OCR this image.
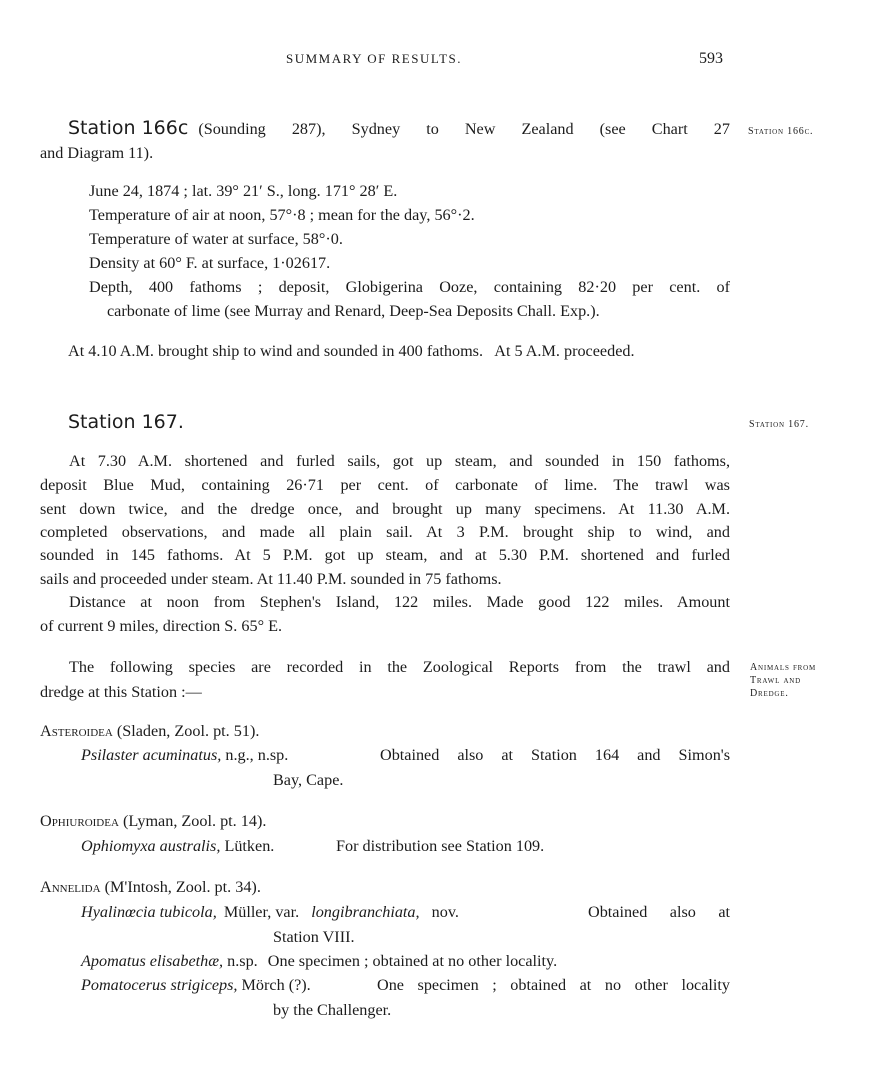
SUMMARY OF RESULTS.	593
Station 166c (Sounding 287), Sydney to New Zealand (see Chart 27
and Diagram 11).
Station 166c.
June 24, 1874 ; lat. 39° 21′ S., long. 171° 28′ E.
Temperature of air at noon, 57°·8 ; mean for the day, 56°·2.
Temperature of water at surface, 58°·0.
Density at 60° F. at surface, 1·02617.
Depth, 400 fathoms ; deposit, Globigerina Ooze, containing 82·20 per cent. of
carbonate of lime (see Murray and Renard, Deep-Sea Deposits Chall. Exp.).
At 4.10 A.M. brought ship to wind and sounded in 400 fathoms.   At 5 A.M. proceeded.
Station 167.	Station 167.
At 7.30 A.M. shortened and furled sails, got up steam, and sounded in 150 fathoms,
deposit Blue Mud, containing 26·71 per cent. of carbonate of lime. The trawl was
sent down twice, and the dredge once, and brought up many specimens. At 11.30 A.M.
completed observations, and made all plain sail. At 3 P.M. brought ship to wind, and
sounded in 145 fathoms. At 5 P.M. got up steam, and at 5.30 P.M. shortened and furled
sails and proceeded under steam. At 11.40 P.M. sounded in 75 fathoms.
Distance at noon from Stephen's Island, 122 miles. Made good 122 miles. Amount
of current 9 miles, direction S. 65° E.
The following species are recorded in the Zoological Reports from the trawl and
dredge at this Station :—
Animals from
Trawl and
Dredge.
Asteroidea (Sladen, Zool. pt. 51).
Psilaster acuminatus, n.g., n.sp.	Obtained also at Station 164 and Simon's
Bay, Cape.
Ophiuroidea (Lyman, Zool. pt. 14).
Ophiomyxa australis, Lütken.	For distribution see Station 109.
Annelida (M'Intosh, Zool. pt. 34).
Hyalinœcia tubicola, Müller, var. longibranchiata, nov.	Obtained also at
Station VIII.
Apomatus elisabethæ, n.sp. One specimen ; obtained at no other locality.
Pomatocerus strigiceps, Mörch (?).	One specimen ; obtained at no other locality
by the Challenger.
